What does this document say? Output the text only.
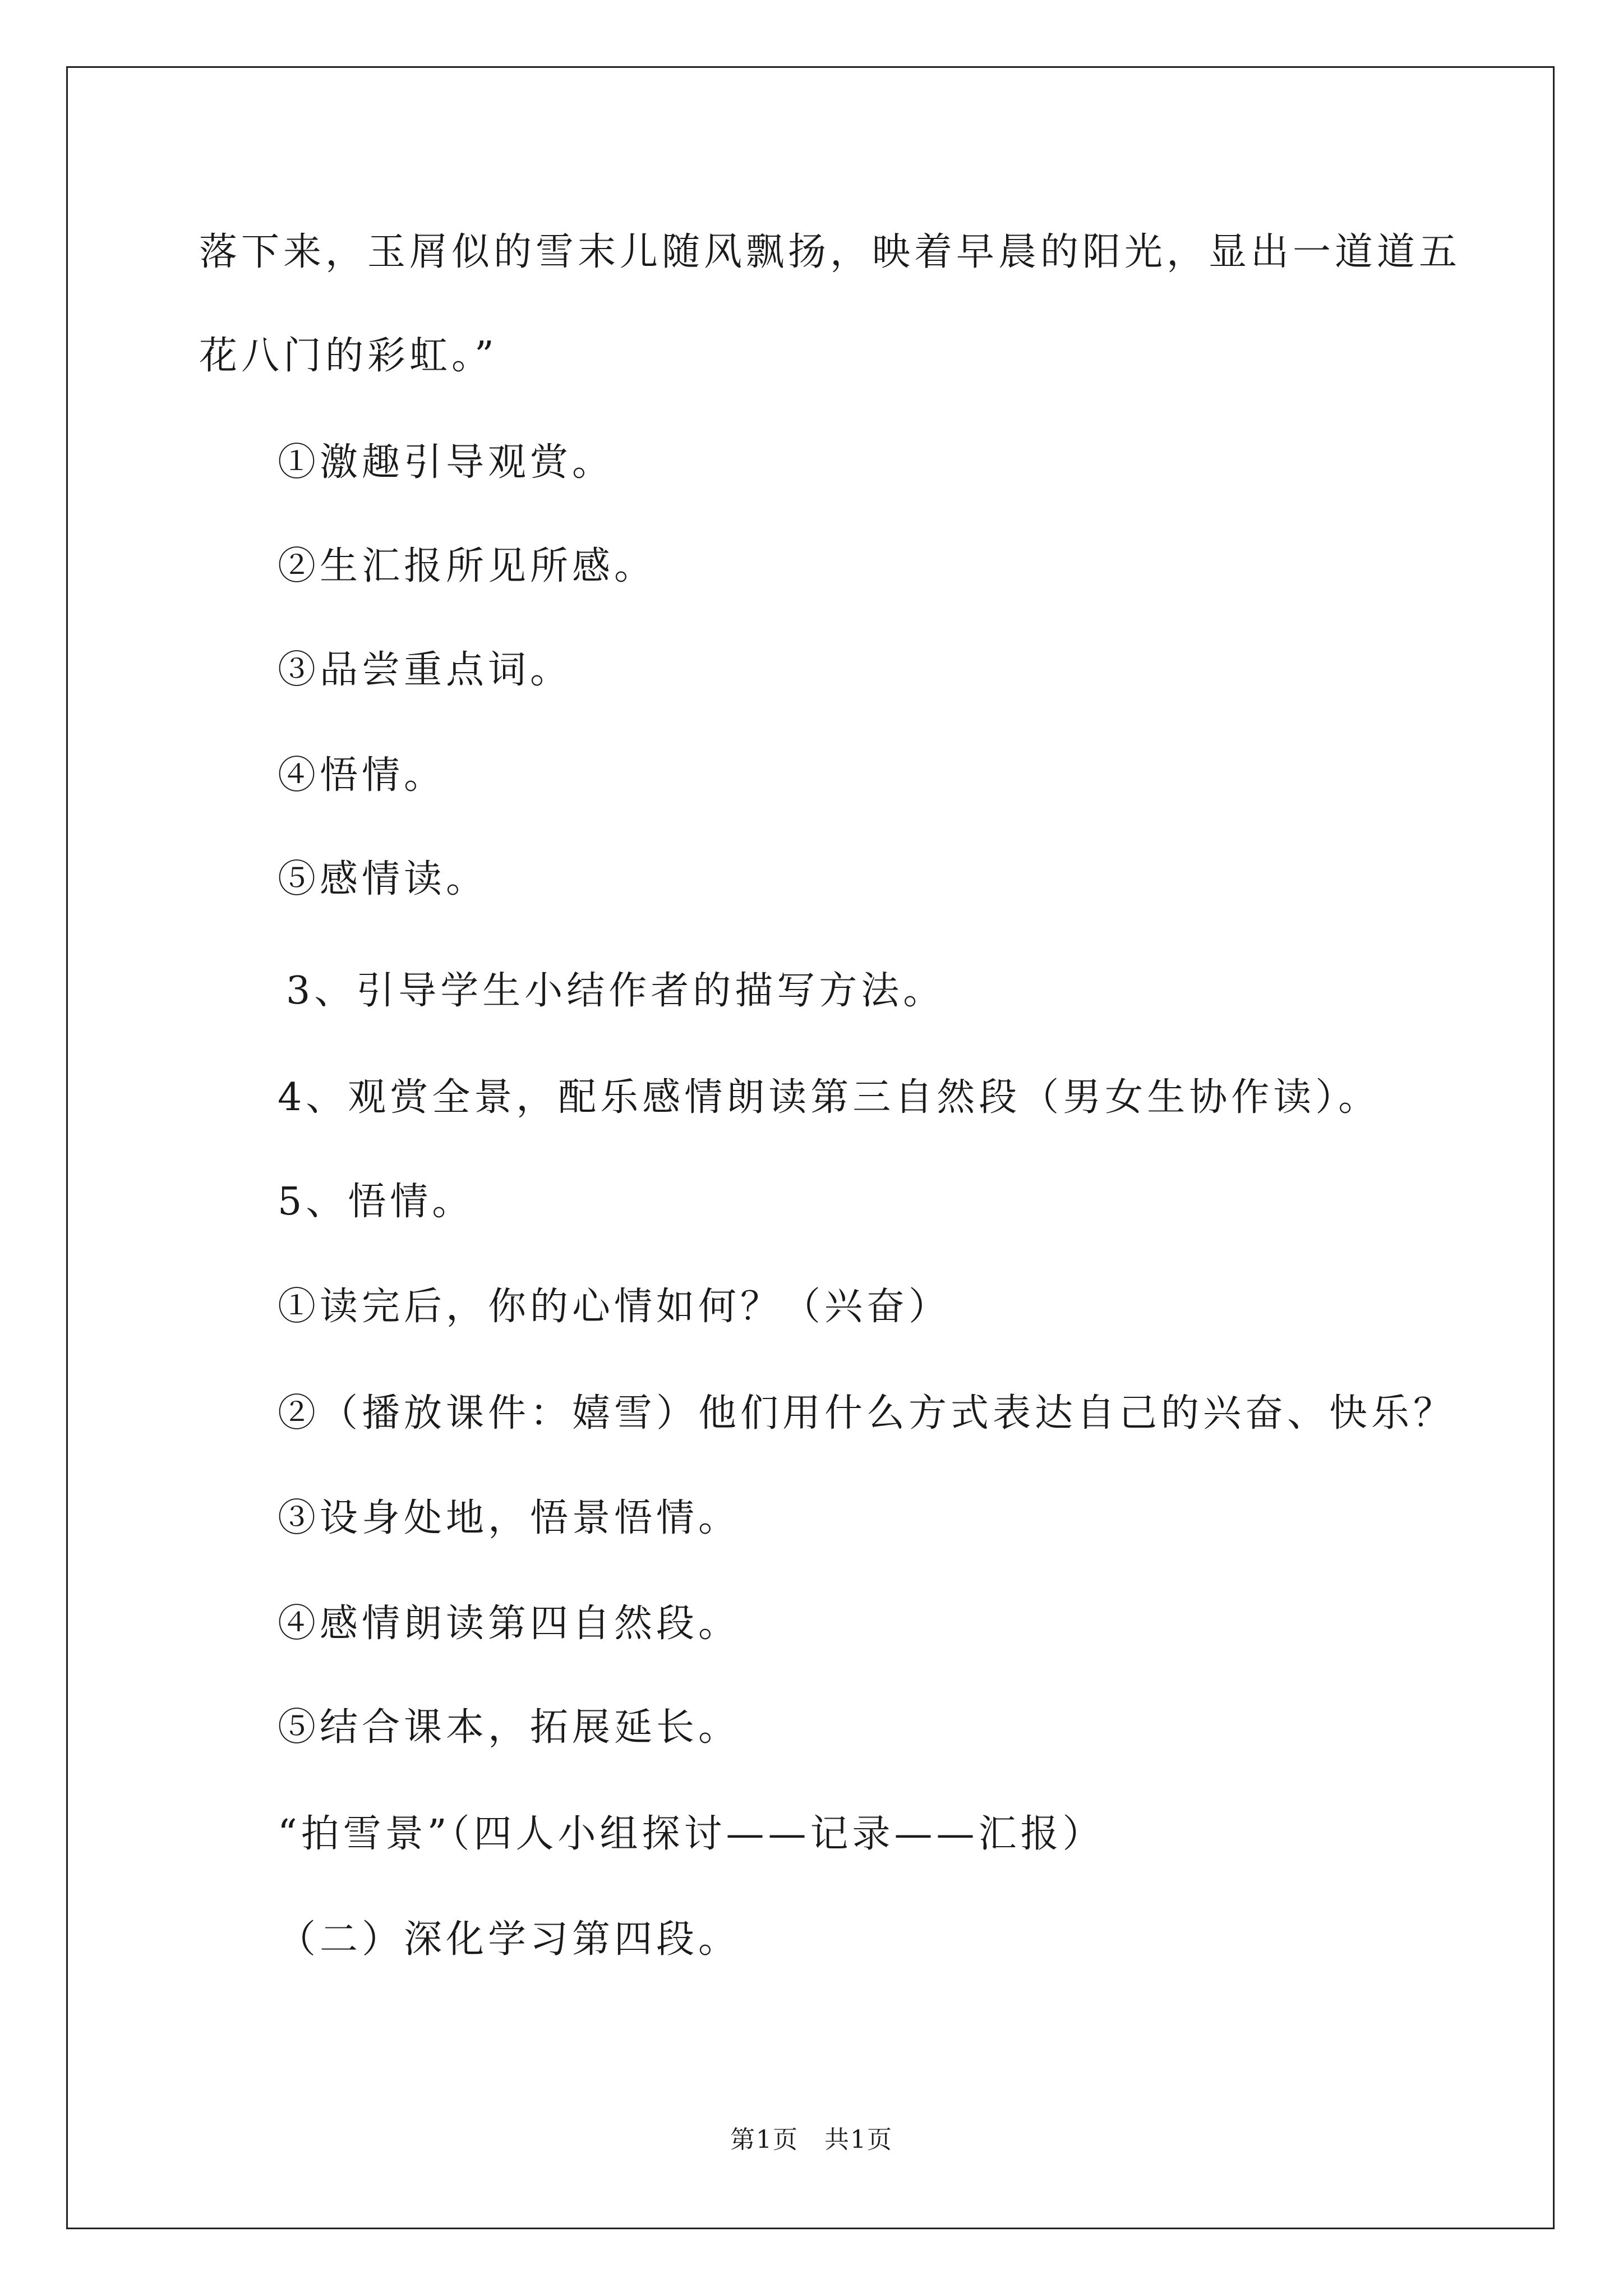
落下来，玉屑似的雪末儿随风飘扬，映着早晨的阳光，显出一道道五
花八门的彩虹。”
①激趣引导观赏。
②生汇报所见所感。
③品尝重点词。
④悟情。
⑤感情读。
3、引导学生小结作者的描写方法。
4、观赏全景，配乐感情朗读第三自然段（男女生协作读）。
5、悟情。
①读完后，你的心情如何？（兴奋）
②（播放课件：嬉雪）他们用什么方式表达自己的兴奋、快乐？
③设身处地，悟景悟情。
④感情朗读第四自然段。
⑤结合课本，拓展延长。
“拍雪景”（四人小组探讨——记录——汇报）
（二）深化学习第四段。
第1页　共1页
